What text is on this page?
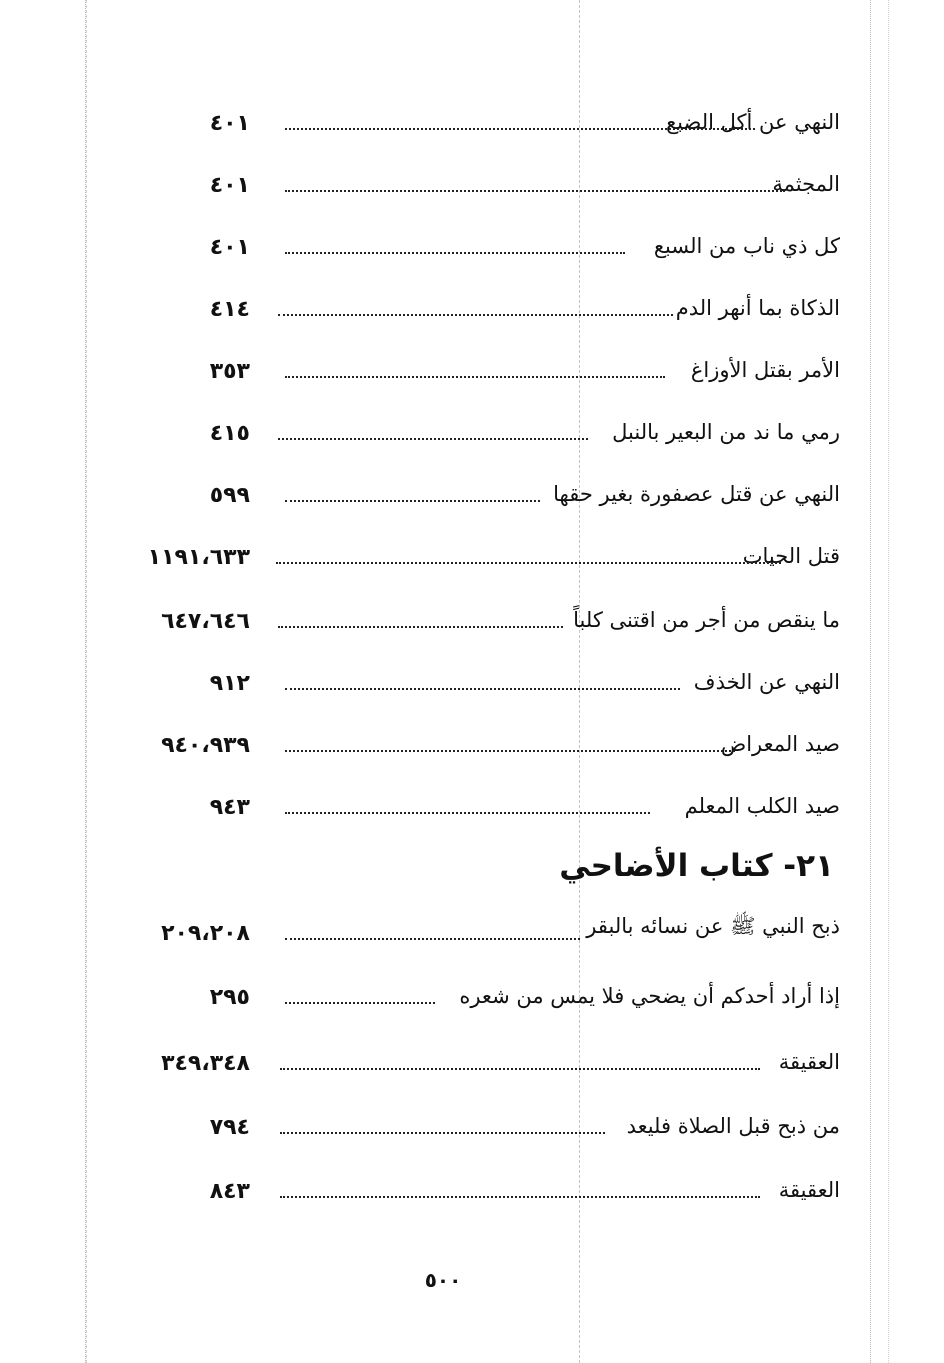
النهي عن أكل الضبع
٤٠١
المجثمة
٤٠١
كل ذي ناب من السبع
٤٠١
الذكاة بما أنهر الدم
٤١٤
الأمر بقتل الأوزاغ
٣٥٣
رمي ما ند من البعير بالنبل
٤١٥
النهي عن قتل عصفورة بغير حقها
٥٩٩
قتل الحيات
١١٩١،٦٣٣
ما ينقص من أجر من اقتنى كلباً
٦٤٧،٦٤٦
النهي عن الخذف
٩١٢
صيد المعراض
٩٤٠،٩٣٩
صيد الكلب المعلم
٩٤٣
٢١- كتاب الأضاحي
ذبح النبي ﷺ عن نسائه بالبقر
٢٠٩،٢٠٨
إذا أراد أحدكم أن يضحي فلا يمس من شعره
٢٩٥
العقيقة
٣٤٩،٣٤٨
من ذبح قبل الصلاة فليعد
٧٩٤
العقيقة
٨٤٣
٥٠٠
